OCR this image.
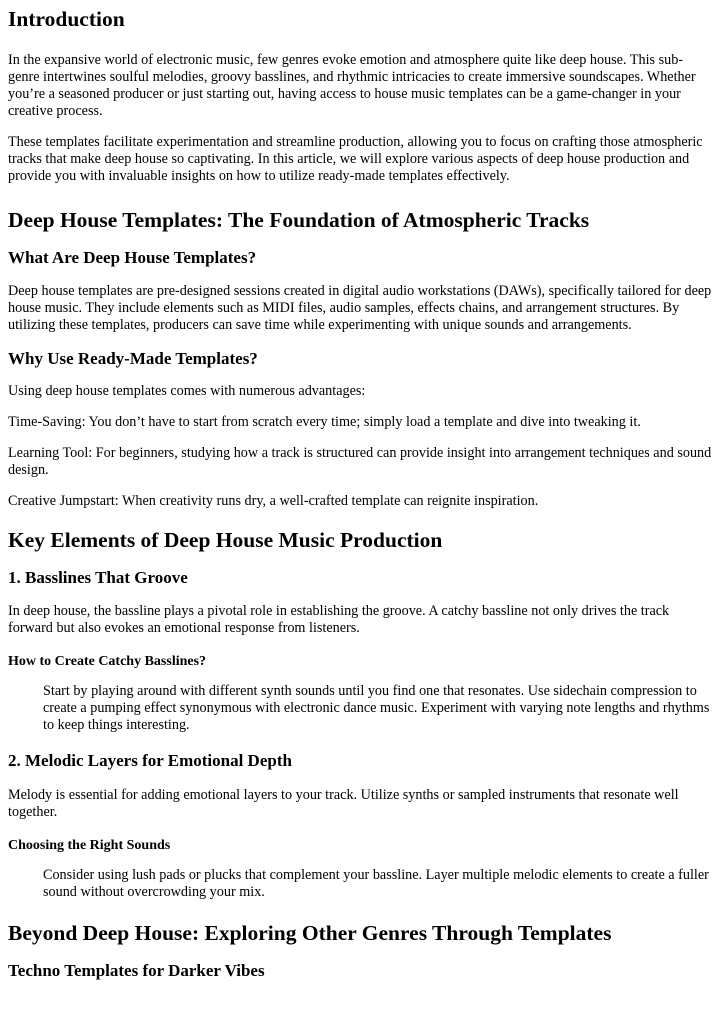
Introduction

In the expansive world of electronic music, few genres evoke emotion and atmosphere quite like deep house. This sub-genre intertwines soulful melodies, groovy basslines, and rhythmic intricacies to create immersive soundscapes. Whether you’re a seasoned producer or just starting out, having access to house music templates can be a game-changer in your creative process.

These templates facilitate experimentation and streamline production, allowing you to focus on crafting those atmospheric tracks that make deep house so captivating. In this article, we will explore various aspects of deep house production and provide you with invaluable insights on how to utilize ready-made templates effectively.

Deep House Templates: The Foundation of Atmospheric Tracks
What Are Deep House Templates?

Deep house templates are pre-designed sessions created in digital audio workstations (DAWs), specifically tailored for deep house music. They include elements such as MIDI files, audio samples, effects chains, and arrangement structures. By utilizing these templates, producers can save time while experimenting with unique sounds and arrangements.

Why Use Ready-Made Templates?

Using deep house templates comes with numerous advantages:

Time-Saving: You don’t have to start from scratch every time; simply load a template and dive into tweaking it.

Learning Tool: For beginners, studying how a track is structured can provide insight into arrangement techniques and sound design.

Creative Jumpstart: When creativity runs dry, a well-crafted template can reignite inspiration.

Key Elements of Deep House Music Production
1. Basslines That Groove

In deep house, the bassline plays a pivotal role in establishing the groove. A catchy bassline not only drives the track forward but also evokes an emotional response from listeners.

How to Create Catchy Basslines?
Start by playing around with different synth sounds until you find one that resonates. Use sidechain compression to create a pumping effect synonymous with electronic dance music. Experiment with varying note lengths and rhythms to keep things interesting.
2. Melodic Layers for Emotional Depth

Melody is essential for adding emotional layers to your track. Utilize synths or sampled instruments that resonate well together.

Choosing the Right Sounds
Consider using lush pads or plucks that complement your bassline. Layer multiple melodic elements to create a fuller sound without overcrowding your mix.
Beyond Deep House: Exploring Other Genres Through Templates
Techno Templates for Darker Vibes
